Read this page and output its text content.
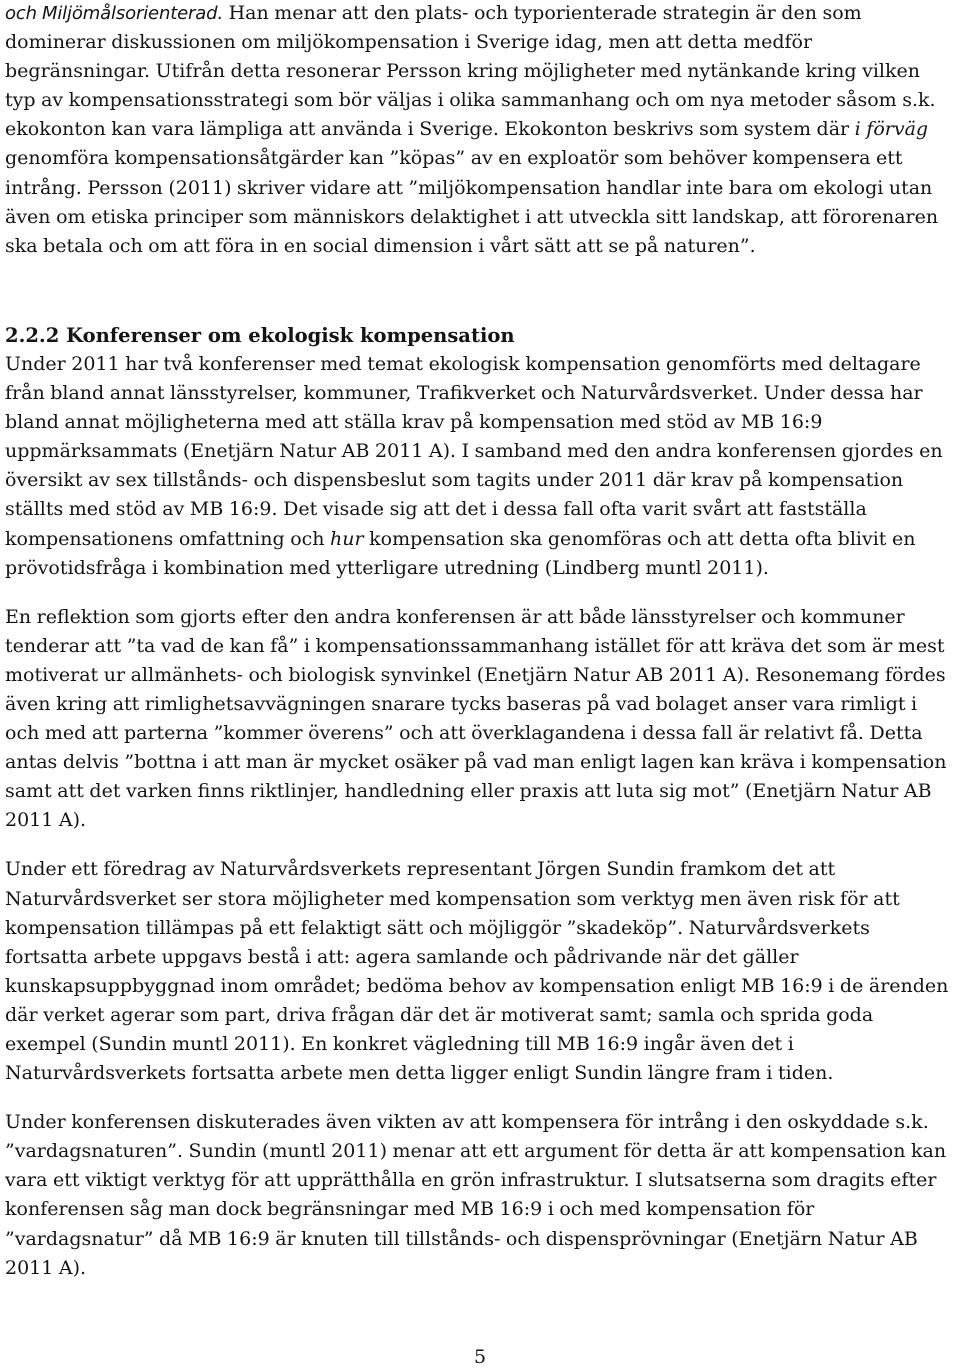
och Miljömålsorienterad. Han menar att den plats- och typorienterade strategin är den som dominerar diskussionen om miljökompensation i Sverige idag, men att detta medför begränsningar. Utifrån detta resonerar Persson kring möjligheter med nytänkande kring vilken typ av kompensationsstrategi som bör väljas i olika sammanhang och om nya metoder såsom s.k. ekokonton kan vara lämpliga att använda i Sverige. Ekokonton beskrivs som system där i förväg genomföra kompensationsåtgärder kan ”köpas” av en exploatör som behöver kompensera ett intrång. Persson (2011) skriver vidare att ”miljökompensation handlar inte bara om ekologi utan även om etiska principer som människors delaktighet i att utveckla sitt landskap, att förorenaren ska betala och om att föra in en social dimension i vårt sätt att se på naturen”.

2.2.2 Konferenser om ekologisk kompensation

Under 2011 har två konferenser med temat ekologisk kompensation genomförts med deltagare från bland annat länsstyrelser, kommuner, Trafikverket och Naturvårdsverket. Under dessa har bland annat möjligheterna med att ställa krav på kompensation med stöd av MB 16:9 uppmärksammats (Enetjärn Natur AB 2011 A). I samband med den andra konferensen gjordes en översikt av sex tillstånds- och dispensbeslut som tagits under 2011 där krav på kompensation ställts med stöd av MB 16:9. Det visade sig att det i dessa fall ofta varit svårt att fastställa kompensationens omfattning och hur kompensation ska genomföras och att detta ofta blivit en prövotidsfråga i kombination med ytterligare utredning (Lindberg muntl 2011).

En reflektion som gjorts efter den andra konferensen är att både länsstyrelser och kommuner tenderar att ”ta vad de kan få” i kompensationssammanhang istället för att kräva det som är mest motiverat ur allmänhets- och biologisk synvinkel (Enetjärn Natur AB 2011 A). Resonemang fördes även kring att rimlighetsavvägningen snarare tycks baseras på vad bolaget anser vara rimligt i och med att parterna ”kommer överens” och att överklagandena i dessa fall är relativt få. Detta antas delvis ”bottna i att man är mycket osäker på vad man enligt lagen kan kräva i kompensation samt att det varken finns riktlinjer, handledning eller praxis att luta sig mot” (Enetjärn Natur AB 2011 A).

Under ett föredrag av Naturvårdsverkets representant Jörgen Sundin framkom det att Naturvårdsverket ser stora möjligheter med kompensation som verktyg men även risk för att kompensation tillämpas på ett felaktigt sätt och möjliggör ”skadeköp”. Naturvårdsverkets fortsatta arbete uppgavs bestå i att: agera samlande och pådrivande när det gäller kunskapsuppbyggnad inom området; bedöma behov av kompensation enligt MB 16:9 i de ärenden där verket agerar som part, driva frågan där det är motiverat samt; samla och sprida goda exempel (Sundin muntl 2011). En konkret vägledning till MB 16:9 ingår även det i Naturvårdsverkets fortsatta arbete men detta ligger enligt Sundin längre fram i tiden.

Under konferensen diskuterades även vikten av att kompensera för intrång i den oskyddade s.k. ”vardagsnaturen”. Sundin (muntl 2011) menar att ett argument för detta är att kompensation kan vara ett viktigt verktyg för att upprätthålla en grön infrastruktur. I slutsatserna som dragits efter konferensen såg man dock begränsningar med MB 16:9 i och med kompensation för ”vardagsnatur” då MB 16:9 är knuten till tillstånds- och dispensprövningar (Enetjärn Natur AB 2011 A).

5
